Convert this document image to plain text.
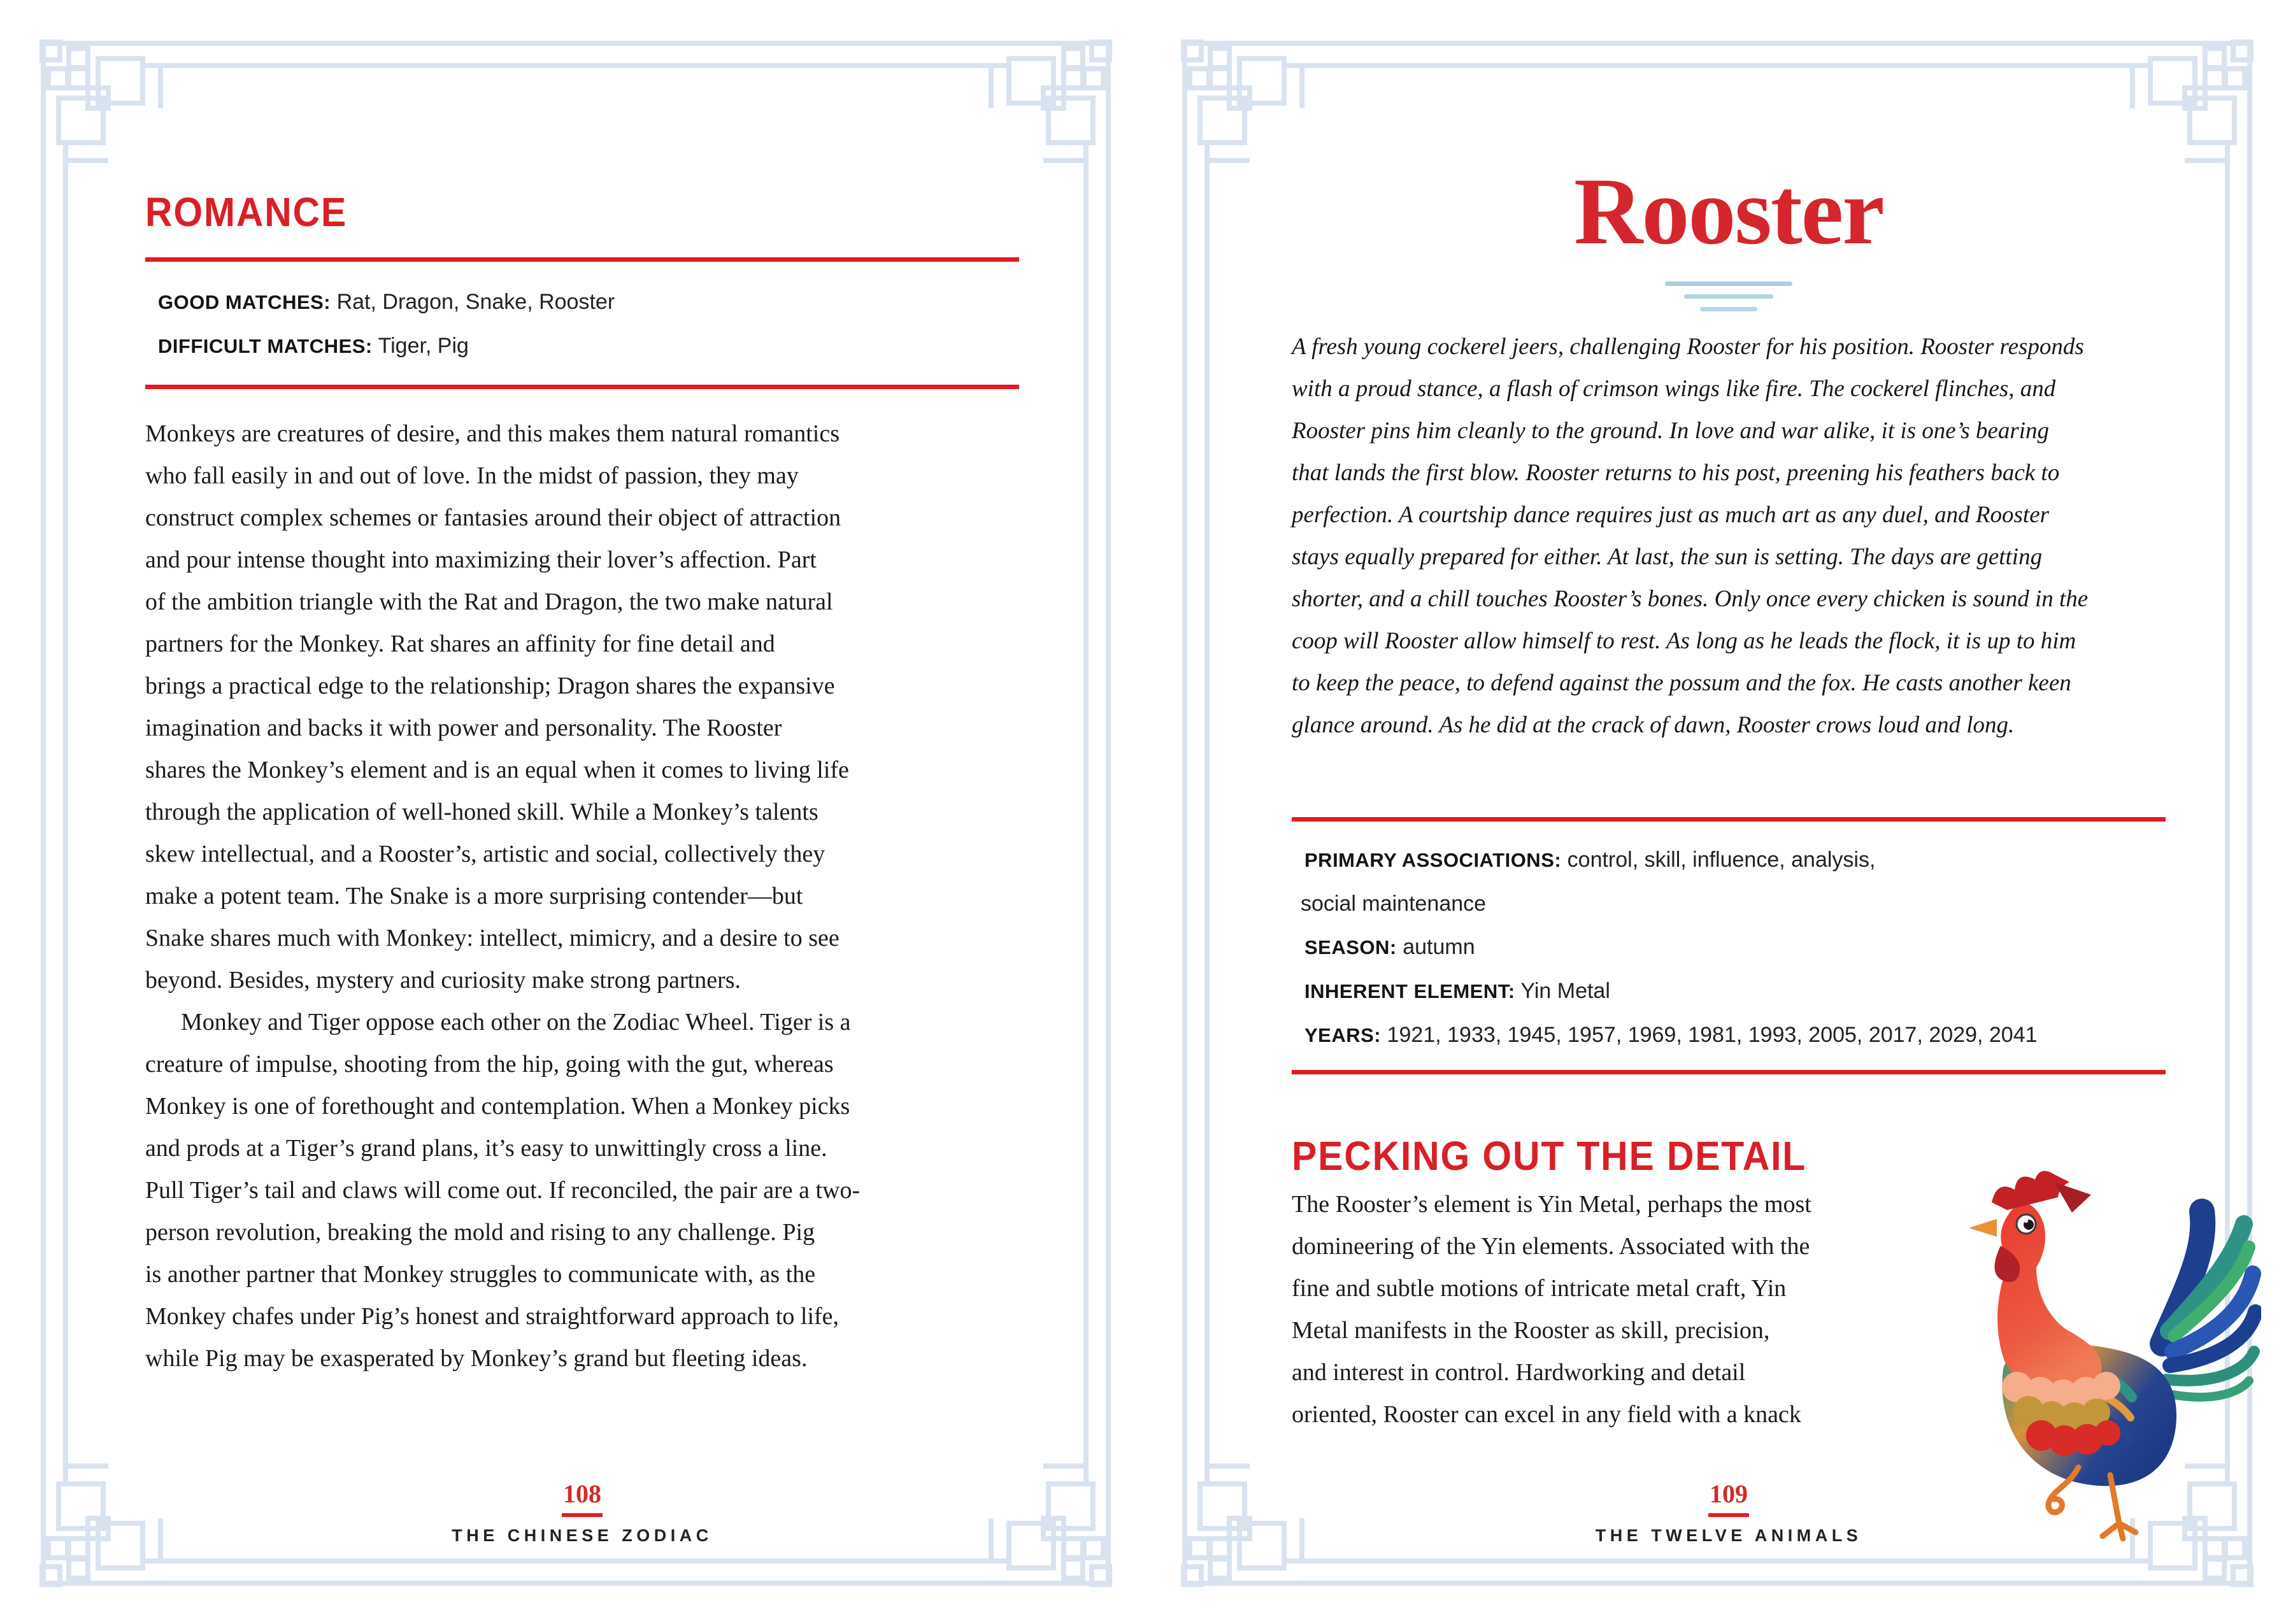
ROMANCE
GOOD MATCHES: Rat, Dragon, Snake, Rooster
DIFFICULT MATCHES: Tiger, Pig
Monkeys are creatures of desire, and this makes them natural romantics
who fall easily in and out of love. In the midst of passion, they may
construct complex schemes or fantasies around their object of attraction
and pour intense thought into maximizing their lover’s affection. Part
of the ambition triangle with the Rat and Dragon, the two make natural
partners for the Monkey. Rat shares an affinity for fine detail and
brings a practical edge to the relationship; Dragon shares the expansive
imagination and backs it with power and personality. The Rooster
shares the Monkey’s element and is an equal when it comes to living life
through the application of well-honed skill. While a Monkey’s talents
skew intellectual, and a Rooster’s, artistic and social, collectively they
make a potent team. The Snake is a more surprising contender—but
Snake shares much with Monkey: intellect, mimicry, and a desire to see
beyond. Besides, mystery and curiosity make strong partners.
Monkey and Tiger oppose each other on the Zodiac Wheel. Tiger is a
creature of impulse, shooting from the hip, going with the gut, whereas
Monkey is one of forethought and contemplation. When a Monkey picks
and prods at a Tiger’s grand plans, it’s easy to unwittingly cross a line.
Pull Tiger’s tail and claws will come out. If reconciled, the pair are a two-
person revolution, breaking the mold and rising to any challenge. Pig
is another partner that Monkey struggles to communicate with, as the
Monkey chafes under Pig’s honest and straightforward approach to life,
while Pig may be exasperated by Monkey’s grand but fleeting ideas.
108
THE CHINESE ZODIAC
Rooster
A fresh young cockerel jeers, challenging Rooster for his position. Rooster responds
with a proud stance, a flash of crimson wings like fire. The cockerel flinches, and
Rooster pins him cleanly to the ground. In love and war alike, it is one’s bearing
that lands the first blow. Rooster returns to his post, preening his feathers back to
perfection. A courtship dance requires just as much art as any duel, and Rooster
stays equally prepared for either. At last, the sun is setting. The days are getting
shorter, and a chill touches Rooster’s bones. Only once every chicken is sound in the
coop will Rooster allow himself to rest. As long as he leads the flock, it is up to him
to keep the peace, to defend against the possum and the fox. He casts another keen
glance around. As he did at the crack of dawn, Rooster crows loud and long.
PRIMARY ASSOCIATIONS: control, skill, influence, analysis,
social maintenance
SEASON: autumn
INHERENT ELEMENT: Yin Metal
YEARS: 1921, 1933, 1945, 1957, 1969, 1981, 1993, 2005, 2017, 2029, 2041
PECKING OUT THE DETAIL
The Rooster’s element is Yin Metal, perhaps the most
domineering of the Yin elements. Associated with the
fine and subtle motions of intricate metal craft, Yin
Metal manifests in the Rooster as skill, precision,
and interest in control. Hardworking and detail
oriented, Rooster can excel in any field with a knack
109
THE TWELVE ANIMALS
